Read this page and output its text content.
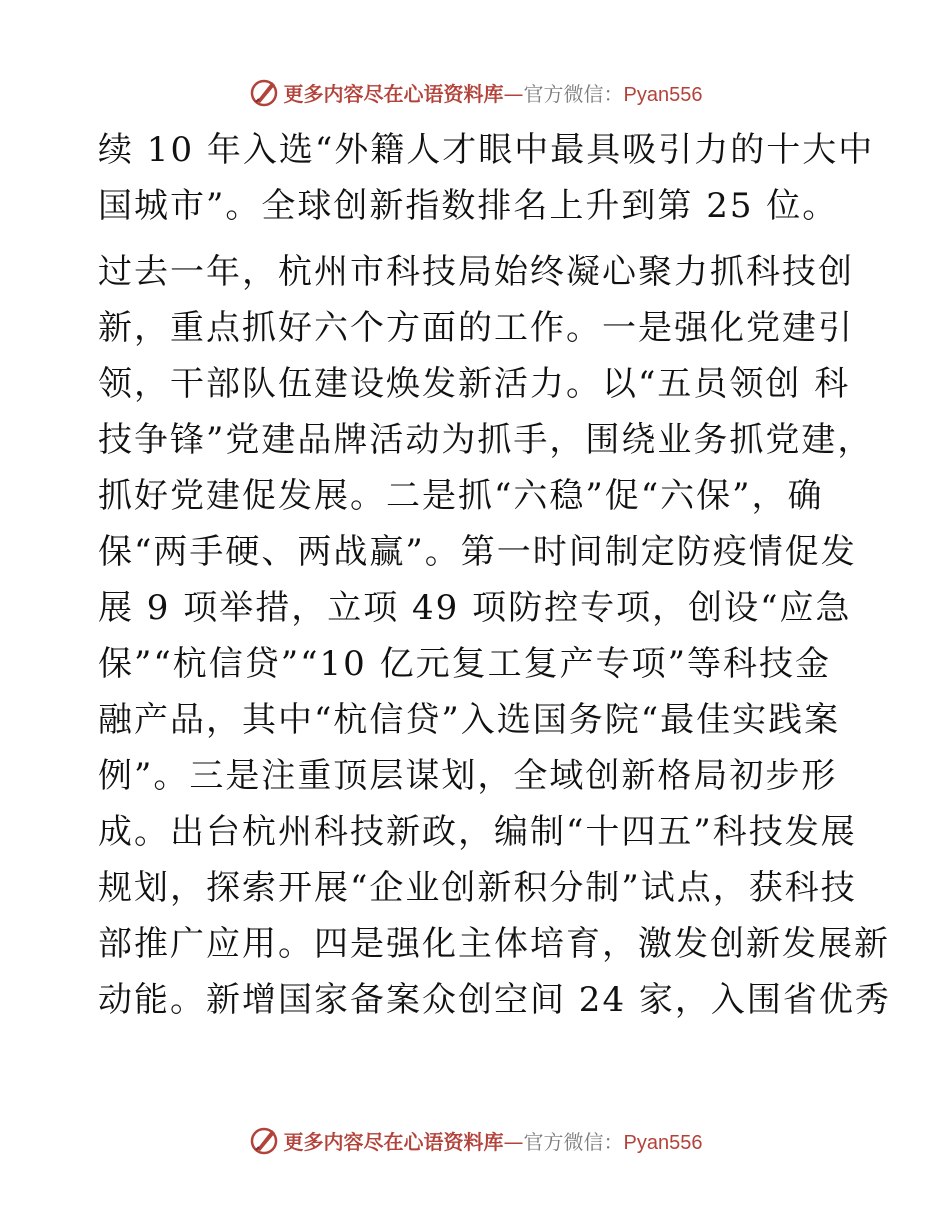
更多内容尽在心语资料库—官方微信：Pyan556
续 10 年入选“外籍人才眼中最具吸引力的十大中
国城市”。全球创新指数排名上升到第 25 位。
过去一年，杭州市科技局始终凝心聚力抓科技创
新，重点抓好六个方面的工作。一是强化党建引
领，干部队伍建设焕发新活力。以“五员领创 科
技争锋”党建品牌活动为抓手，围绕业务抓党建，
抓好党建促发展。二是抓“六稳”促“六保”，确
保“两手硬、两战赢”。第一时间制定防疫情促发
展 9 项举措，立项 49 项防控专项，创设“应急
保”“杭信贷”“10 亿元复工复产专项”等科技金
融产品，其中“杭信贷”入选国务院“最佳实践案
例”。三是注重顶层谋划，全域创新格局初步形
成。出台杭州科技新政，编制“十四五”科技发展
规划，探索开展“企业创新积分制”试点，获科技
部推广应用。四是强化主体培育，激发创新发展新
动能。新增国家备案众创空间 24 家，入围省优秀
更多内容尽在心语资料库—官方微信：Pyan556
